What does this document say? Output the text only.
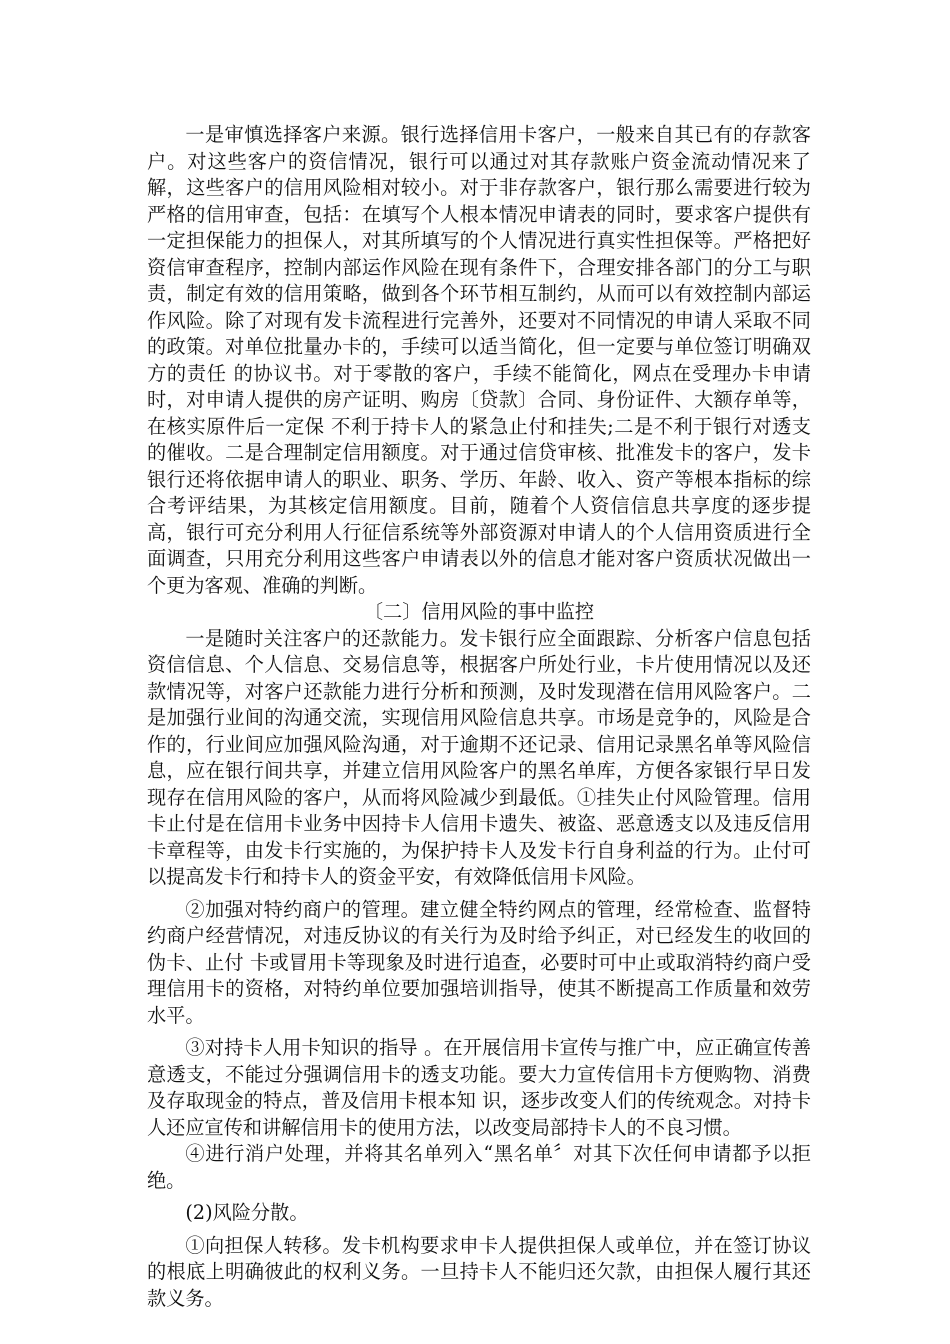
一是审慎选择客户来源。银行选择信用卡客户，一般来自其已有的存款客户。对这些客户的资信情况，银行可以通过对其存款账户资金流动情况来了解，这些客户的信用风险相对较小。对于非存款客户，银行那么需要进行较为严格的信用审查，包括：在填写个人根本情况申请表的同时，要求客户提供有一定担保能力的担保人，对其所填写的个人情况进行真实性担保等。严格把好资信审查程序，控制内部运作风险在现有条件下，合理安排各部门的分工与职责，制定有效的信用策略，做到各个环节相互制约，从而可以有效控制内部运 作风险。除了对现有发卡流程进行完善外，还要对不同情况的申请人采取不同的政策。对单位批量办卡的，手续可以适当简化，但一定要与单位签订明确双方的责任 的协议书。对于零散的客户，手续不能简化，网点在受理办卡申请时，对申请人提供的房产证明、购房〔贷款〕合同、身份证件、大额存单等，在核实原件后一定保 不利于持卡人的紧急止付和挂失;二是不利于银行对透支的催收。二是合理制定信用额度。对于通过信贷审核、批准发卡的客户，发卡银行还将依据申请人的职业、职务、学历、年龄、收入、资产等根本指标的综合考评结果，为其核定信用额度。目前，随着个人资信信息共享度的逐步提高，银行可充分利用人行征信系统等外部资源对申请人的个人信用资质进行全面调查，只用充分利用这些客户申请表以外的信息才能对客户资质状况做出一个更为客观、准确的判断。

〔二〕信用风险的事中监控

一是随时关注客户的还款能力。发卡银行应全面跟踪、分析客户信息包括资信信息、个人信息、交易信息等，根据客户所处行业，卡片使用情况以及还款情况等，对客户还款能力进行分析和预测，及时发现潜在信用风险客户。二是加强行业间的沟通交流，实现信用风险信息共享。市场是竞争的，风险是合作的，行业间应加强风险沟通，对于逾期不还记录、信用记录黑名单等风险信息，应在银行间共享，并建立信用风险客户的黑名单库，方便各家银行早日发现存在信用风险的客户，从而将风险减少到最低。①挂失止付风险管理。信用卡止付是在信用卡业务中因持卡人信用卡遗失、被盗、恶意透支以及违反信用卡章程等，由发卡行实施的，为保护持卡人及发卡行自身利益的行为。止付可以提高发卡行和持卡人的资金平安，有效降低信用卡风险。

②加强对特约商户的管理。建立健全特约网点的管理，经常检查、监督特约商户经营情况，对违反协议的有关行为及时给予纠正，对已经发生的收回的伪卡、止付 卡或冒用卡等现象及时进行追查，必要时可中止或取消特约商户受理信用卡的资格，对特约单位要加强培训指导，使其不断提高工作质量和效劳水平。

③对持卡人用卡知识的指导 。在开展信用卡宣传与推广中，应正确宣传善意透支，不能过分强调信用卡的透支功能。要大力宣传信用卡方便购物、消费及存取现金的特点，普及信用卡根本知 识，逐步改变人们的传统观念。对持卡人还应宣传和讲解信用卡的使用方法，以改变局部持卡人的不良习惯。

④进行消户处理，并将其名单列入“黑名单〞对其下次任何申请都予以拒绝。

(2)风险分散。

①向担保人转移。发卡机构要求申卡人提供担保人或单位，并在签订协议的根底上明确彼此的权利义务。一旦持卡人不能归还欠款，由担保人履行其还款义务。
